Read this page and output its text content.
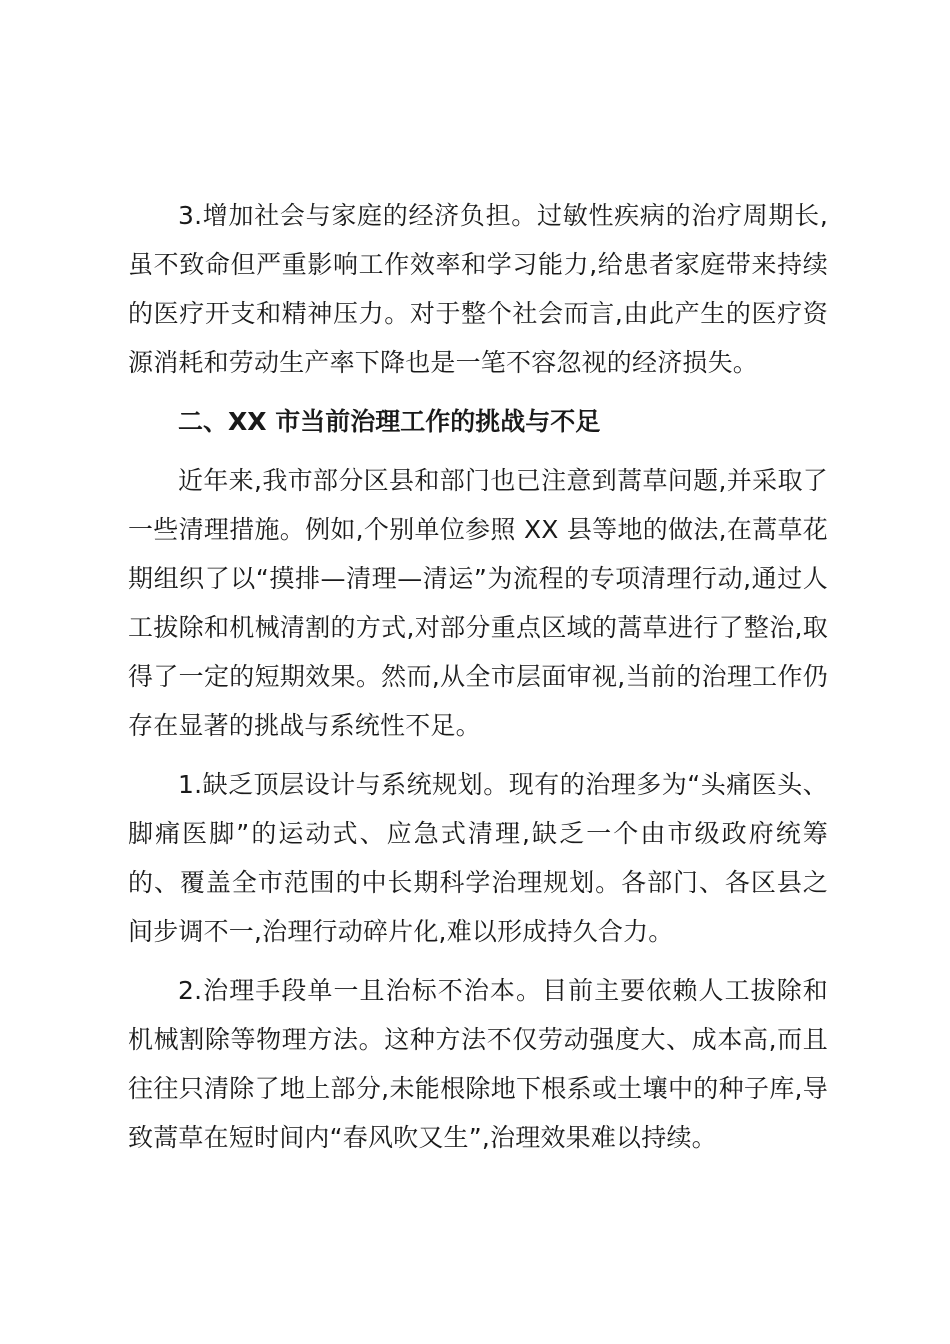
3.增加社会与家庭的经济负担。过敏性疾病的治疗周期长,虽不致命但严重影响工作效率和学习能力,给患者家庭带来持续的医疗开支和精神压力。对于整个社会而言,由此产生的医疗资源消耗和劳动生产率下降也是一笔不容忽视的经济损失。

二、XX 市当前治理工作的挑战与不足

近年来,我市部分区县和部门也已注意到蒿草问题,并采取了一些清理措施。例如,个别单位参照 XX 县等地的做法,在蒿草花期组织了以“摸排—清理—清运”为流程的专项清理行动,通过人工拔除和机械清割的方式,对部分重点区域的蒿草进行了整治,取得了一定的短期效果。然而,从全市层面审视,当前的治理工作仍存在显著的挑战与系统性不足。

1.缺乏顶层设计与系统规划。现有的治理多为“头痛医头、脚痛医脚”的运动式、应急式清理,缺乏一个由市级政府统筹的、覆盖全市范围的中长期科学治理规划。各部门、各区县之间步调不一,治理行动碎片化,难以形成持久合力。

2.治理手段单一且治标不治本。目前主要依赖人工拔除和机械割除等物理方法。这种方法不仅劳动强度大、成本高,而且往往只清除了地上部分,未能根除地下根系或土壤中的种子库,导致蒿草在短时间内“春风吹又生”,治理效果难以持续。
